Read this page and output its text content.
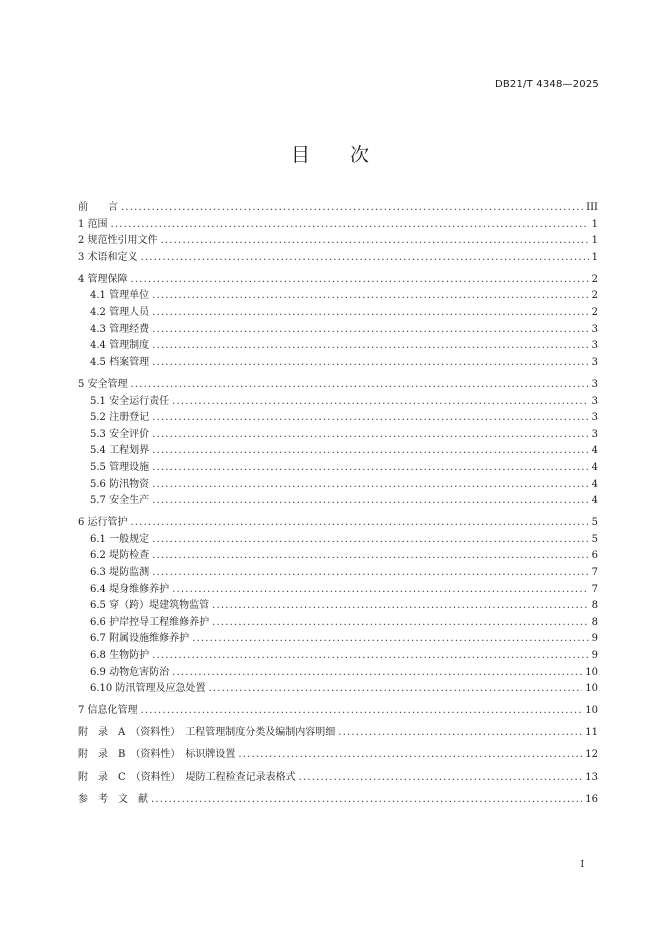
DB21/T 4348—2025
目 次
前　　言 .....	III
1 范围 .....	1
2 规范性引用文件 .....	1
3 术语和定义 .....	1
4 管理保障 .....	2
4.1 管理单位 .....	2
4.2 管理人员 .....	2
4.3 管理经费 .....	3
4.4 管理制度 .....	3
4.5 档案管理 .....	3
5 安全管理 .....	3
5.1 安全运行责任 .....	3
5.2 注册登记 .....	3
5.3 安全评价 .....	3
5.4 工程划界 .....	4
5.5 管理设施 .....	4
5.6 防汛物资 .....	4
5.7 安全生产 .....	4
6 运行管护 .....	5
6.1 一般规定 .....	5
6.2 堤防检查 .....	6
6.3 堤防监测 .....	7
6.4 堤身维修养护 .....	7
6.5 穿（跨）堤建筑物监管 .....	8
6.6 护岸控导工程维修养护 .....	8
6.7 附属设施维修养护 .....	9
6.8 生物防护 .....	9
6.9 动物危害防治 .....	10
6.10 防汛管理及应急处置 .....	10
7 信息化管理 .....	10
附　录　A　（资料性）　工程管理制度分类及编制内容明细 .....	11
附　录　B　（资料性）　标识牌设置 .....	12
附　录　C　（资料性）　堤防工程检查记录表格式 .....	13
参　考　文　献 .....	16
I
